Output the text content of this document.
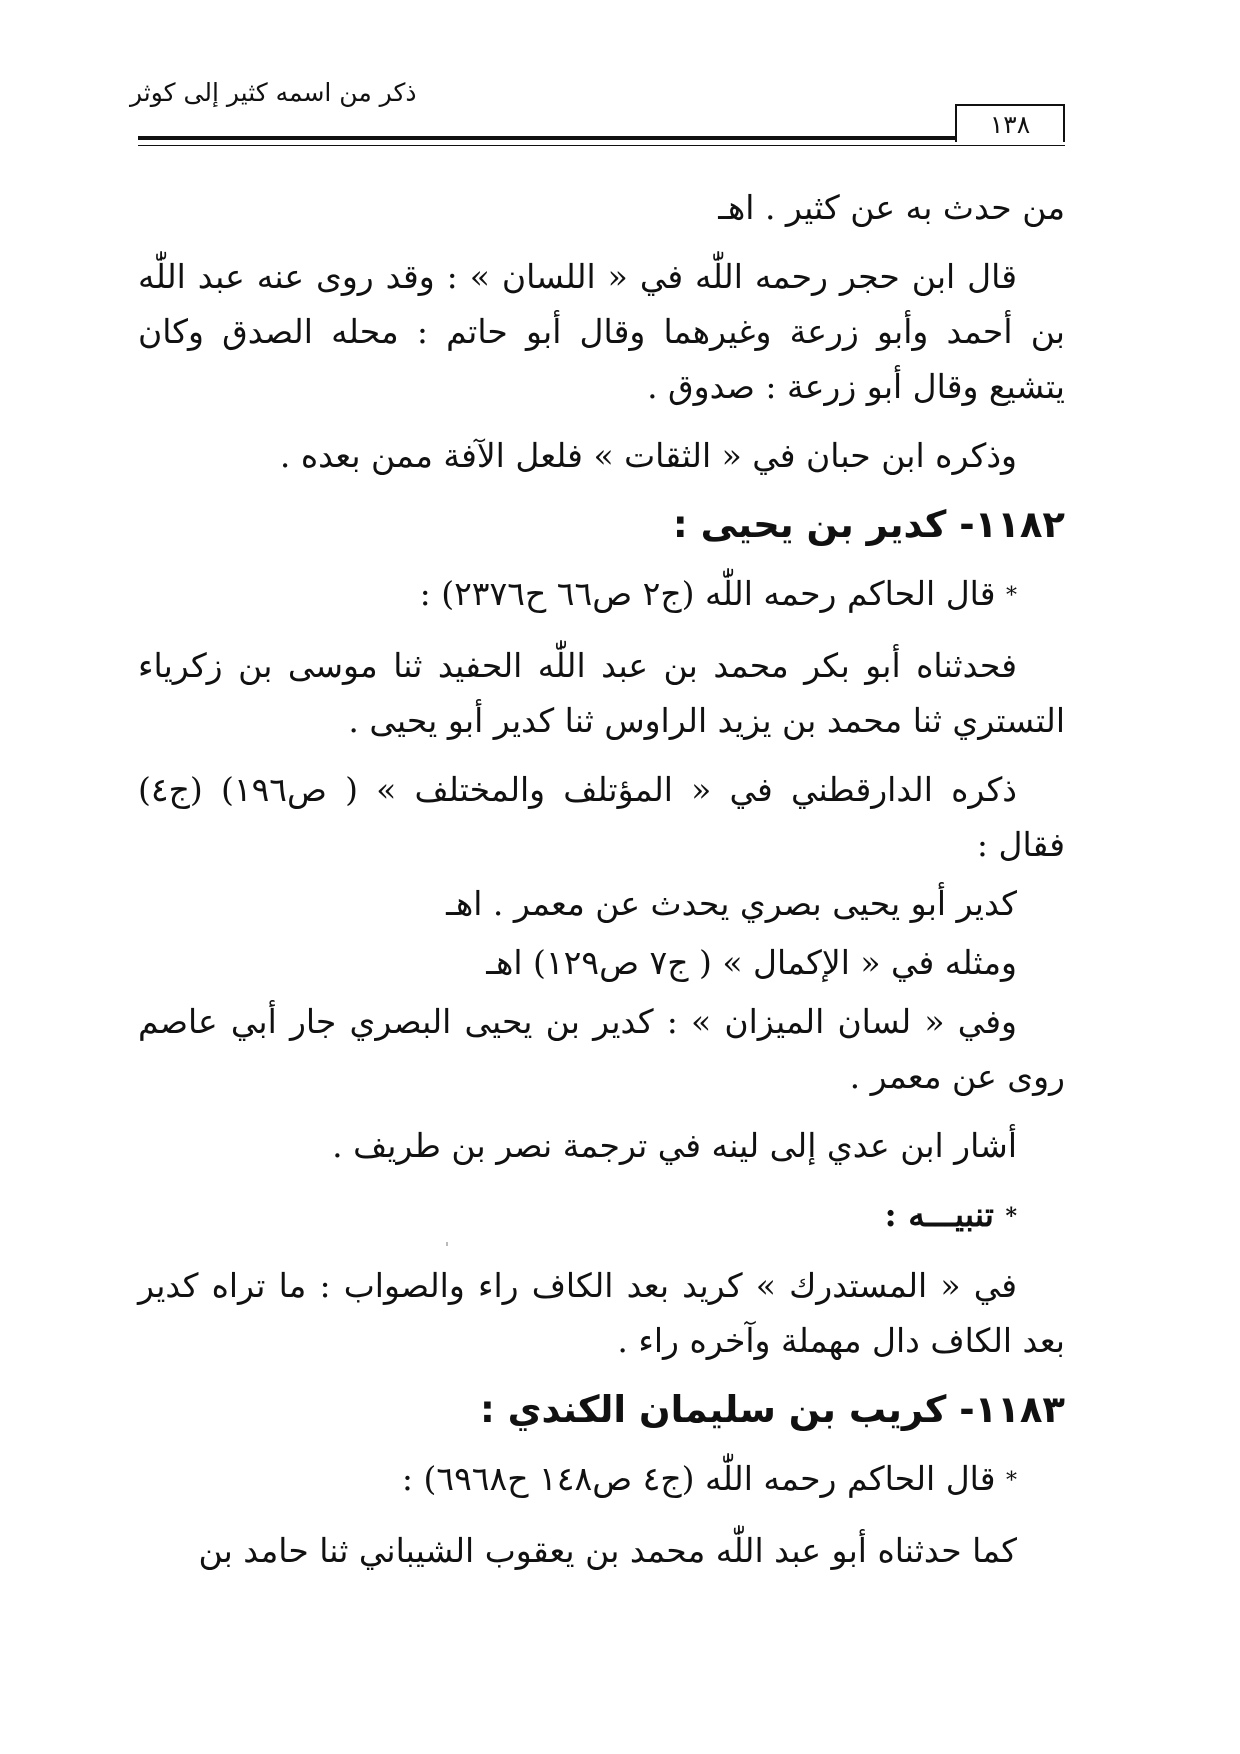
ذكر من اسمه كثير إلى كوثر
١٣٨

من حدث به عن كثير . اهـ

قال ابن حجر رحمه اللّٰه في « اللسان » : وقد روى عنه عبد اللّٰه بن أحمد وأبو زرعة وغيرهما وقال أبو حاتم : محله الصدق وكان يتشيع وقال أبو زرعة : صدوق .

وذكره ابن حبان في « الثقات » فلعل الآفة ممن بعده .

١١٨٢- كدير بن يحيى :

* قال الحاكم رحمه اللّٰه (ج٢ ص٦٦ ح٢٣٧٦) :

فحدثناه أبو بكر محمد بن عبد اللّٰه الحفيد ثنا موسى بن زكرياء التستري ثنا محمد بن يزيد الراوس ثنا كدير أبو يحيى .

ذكره الدارقطني في « المؤتلف والمختلف » ( ص١٩٦) (ج٤) فقال :

كدير أبو يحيى بصري يحدث عن معمر . اهـ

ومثله في « الإكمال » ( ج٧ ص١٢٩) اهـ

وفي « لسان الميزان » : كدير بن يحيى البصري جار أبي عاصم روى عن معمر .

أشار ابن عدي إلى لينه في ترجمة نصر بن طريف .

* تنبيـــه :

في « المستدرك » كريد بعد الكاف راء والصواب : ما تراه كدير بعد الكاف دال مهملة وآخره راء .

١١٨٣- كريب بن سليمان الكندي :

* قال الحاكم رحمه اللّٰه (ج٤ ص١٤٨ ح٦٩٦٨) :

كما حدثناه أبو عبد اللّٰه محمد بن يعقوب الشيباني ثنا حامد بن
